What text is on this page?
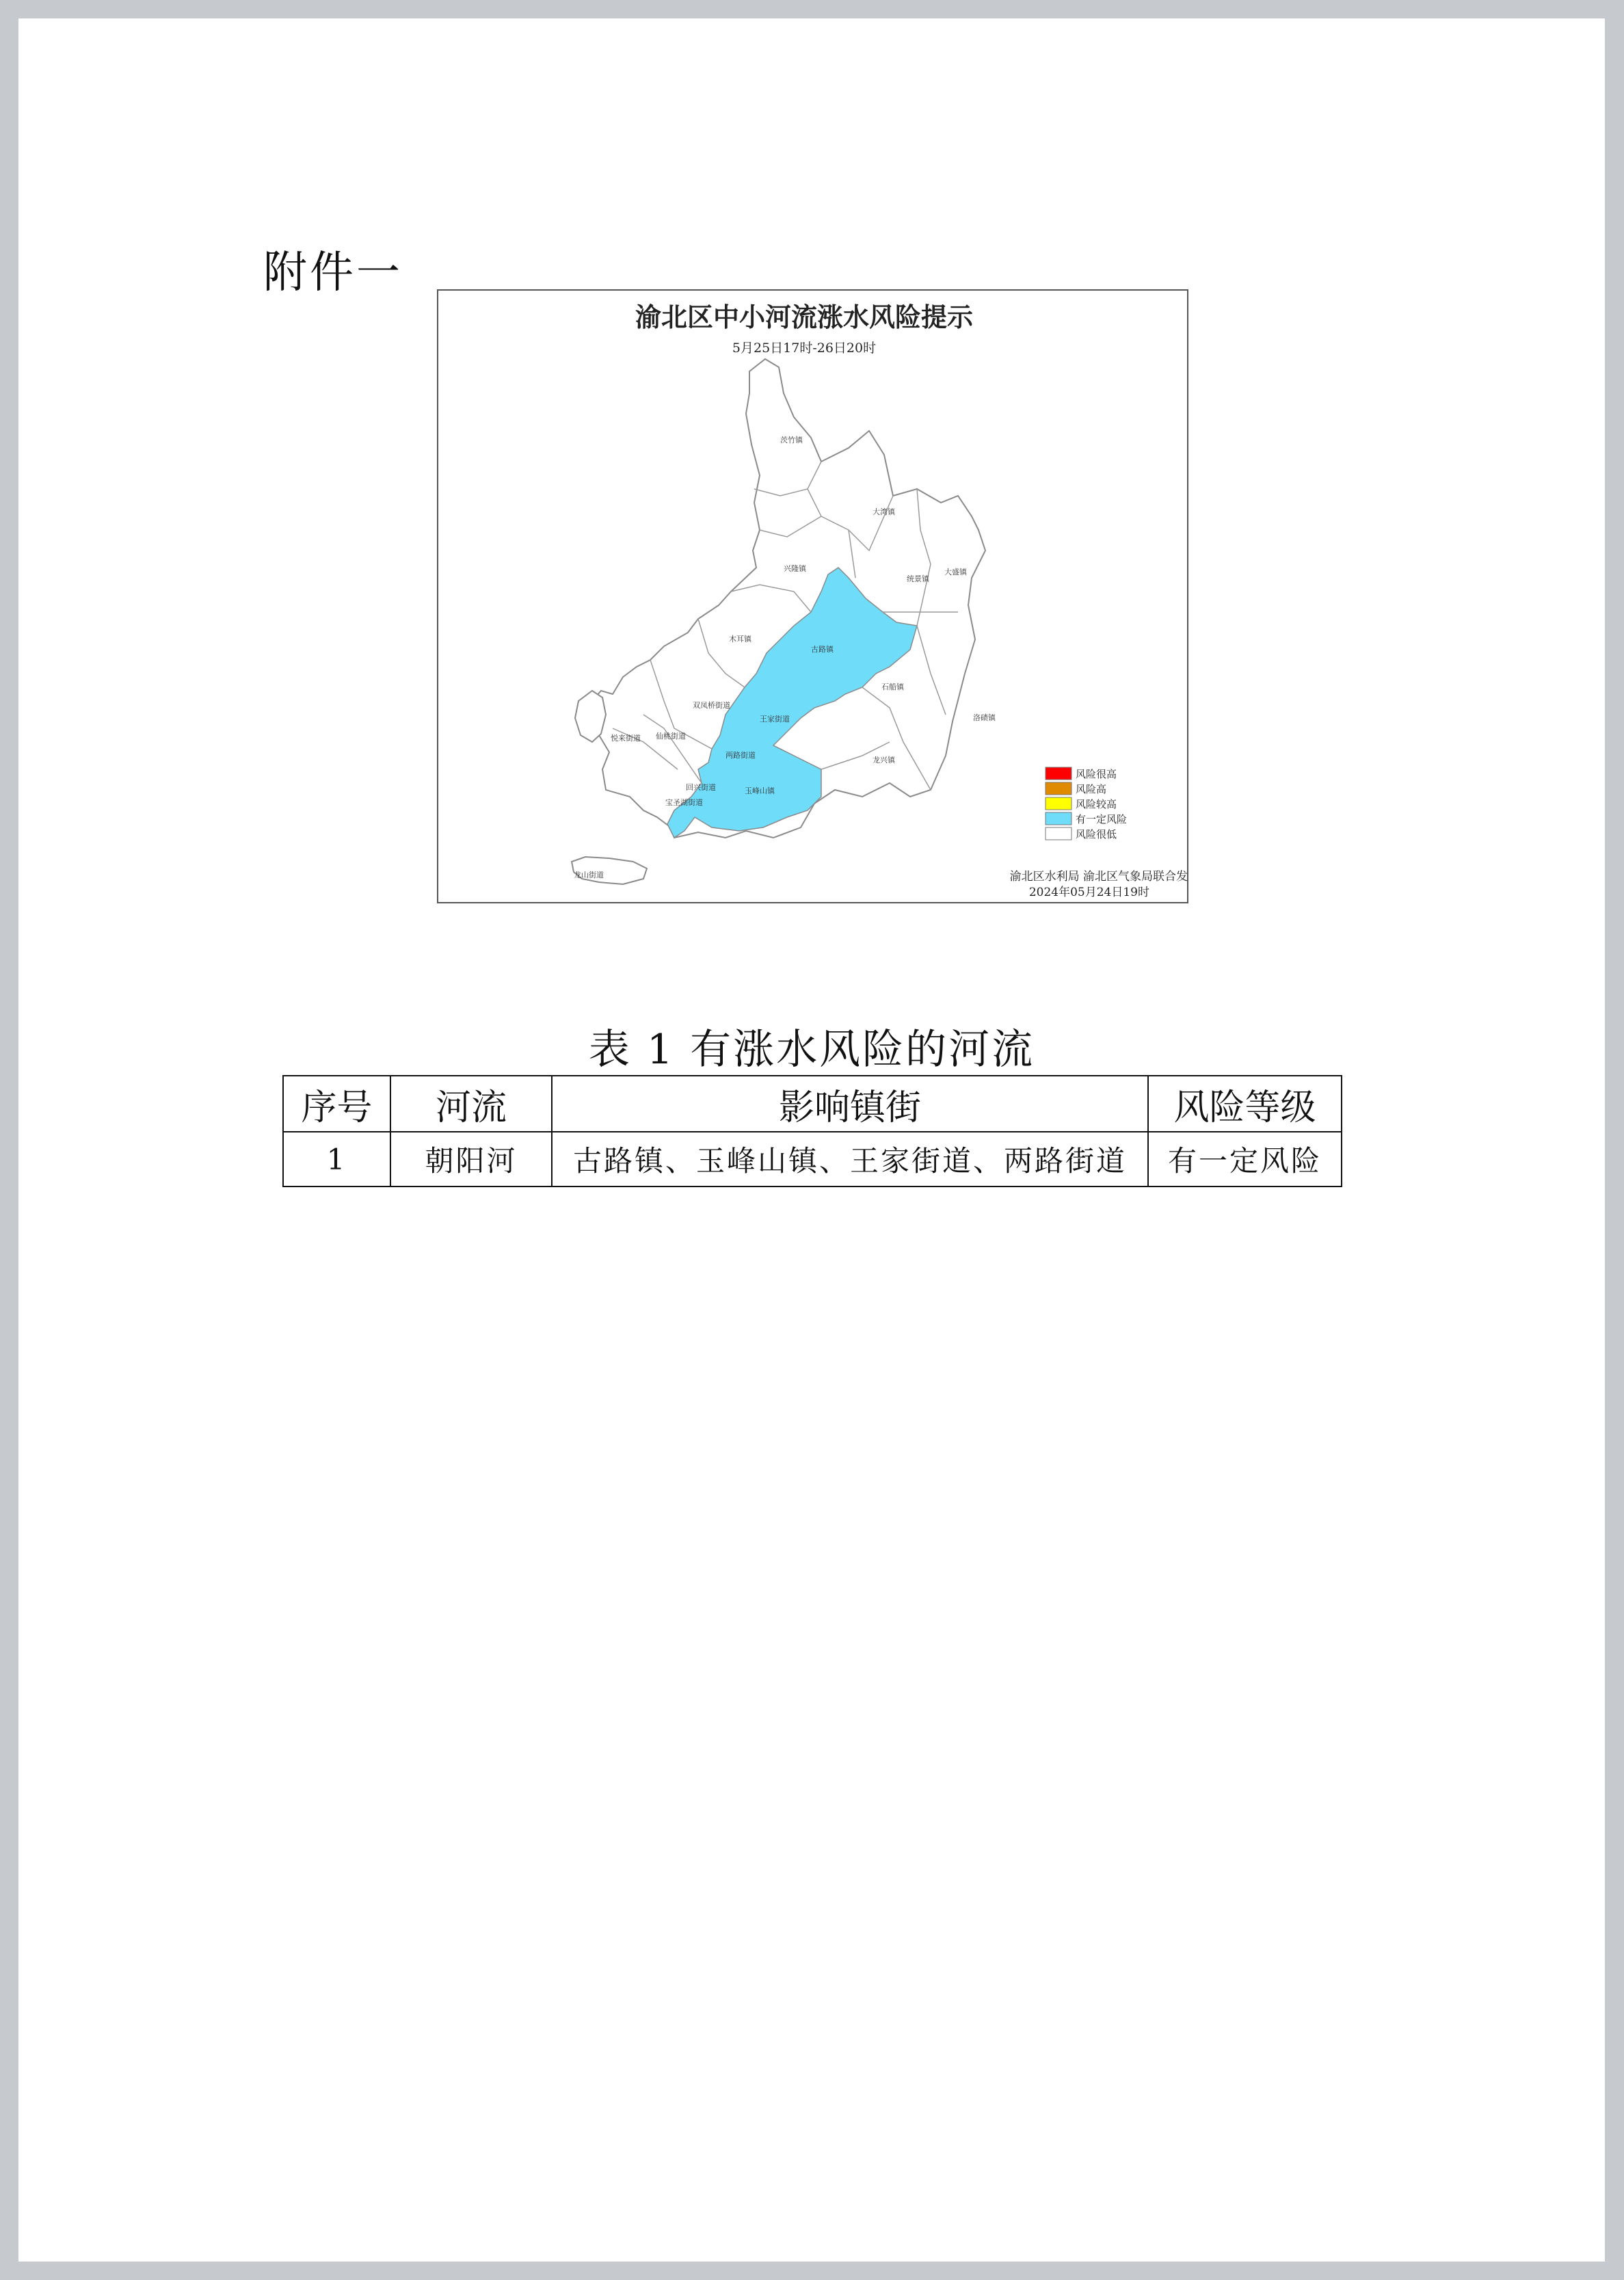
附件一
渝北区中小河流涨水风险提示
5月25日17时-26日20时
茨竹镇
大湾镇
兴隆镇
统景镇
大盛镇
木耳镇
古路镇
石船镇
洛碛镇
王家街道
双凤桥街道
仙桃街道
两路街道
悦来街道
龙兴镇
回兴街道
宝圣湖街道
玉峰山镇
龙山街道
风险很高
风险高
风险较高
有一定风险
风险很低
渝北区水利局 渝北区气象局联合发
2024年05月24日19时
表 1 有涨水风险的河流
序号	河流	影响镇街	风险等级
1	朝阳河	古路镇、玉峰山镇、王家街道、两路街道	有一定风险
